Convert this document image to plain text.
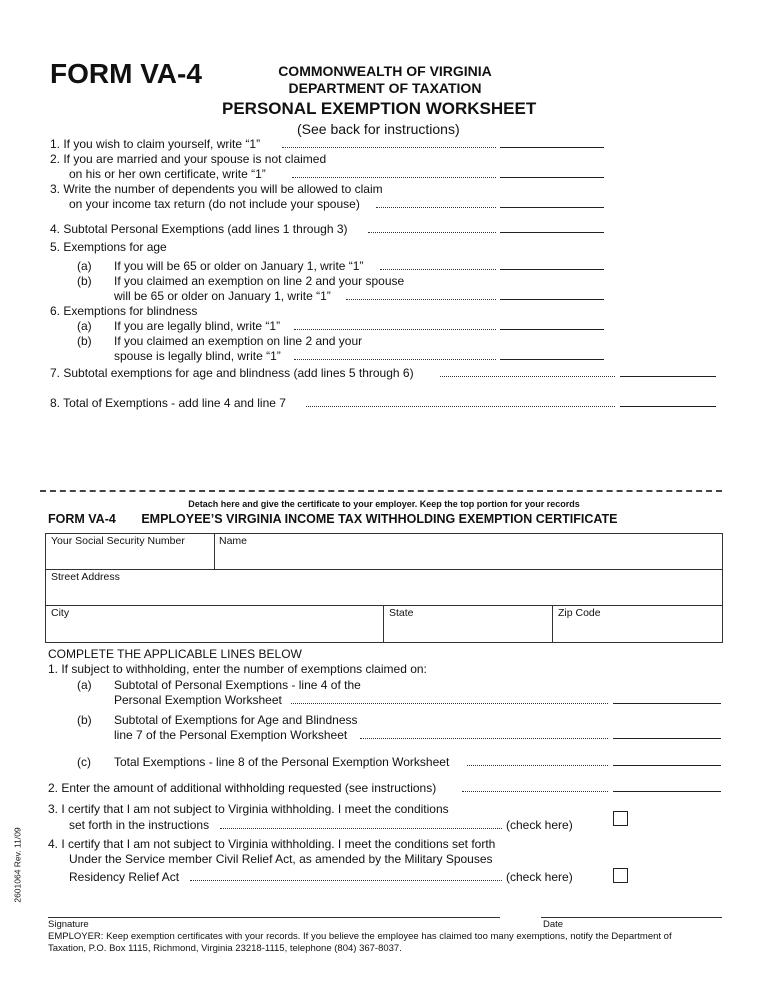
FORM VA-4	COMMONWEALTH OF VIRGINIA
DEPARTMENT OF TAXATION
PERSONAL EXEMPTION WORKSHEET
(See back for instructions)
1. If you wish to claim yourself, write “1”
2. If you are married and your spouse is not claimed
on his or her own certificate, write “1”
3. Write the number of dependents you will be allowed to claim
on your income tax return (do not include your spouse)
4. Subtotal Personal Exemptions (add lines 1 through 3)
5. Exemptions for age
(a) If you will be 65 or older on January 1, write “1”
(b) If you claimed an exemption on line 2 and your spouse
will be 65 or older on January 1, write “1”
6. Exemptions for blindness
(a) If you are legally blind, write “1”
(b) If you claimed an exemption on line 2 and your
spouse is legally blind, write “1”
7. Subtotal exemptions for age and blindness (add lines 5 through 6)
8. Total of Exemptions - add line 4 and line 7
Detach here and give the certificate to your employer. Keep the top portion for your records
FORM VA-4 EMPLOYEE’S VIRGINIA INCOME TAX WITHHOLDING EXEMPTION CERTIFICATE
Your Social Security Number	Name
Street Address
City	State	Zip Code
COMPLETE THE APPLICABLE LINES BELOW
1. If subject to withholding, enter the number of exemptions claimed on:
(a) Subtotal of Personal Exemptions - line 4 of the
Personal Exemption Worksheet
(b) Subtotal of Exemptions for Age and Blindness
line 7 of the Personal Exemption Worksheet
(c) Total Exemptions - line 8 of the Personal Exemption Worksheet
2. Enter the amount of additional withholding requested (see instructions)
3. I certify that I am not subject to Virginia withholding. I meet the conditions
set forth in the instructions	(check here)
4. I certify that I am not subject to Virginia withholding. I meet the conditions set forth
Under the Service member Civil Relief Act, as amended by the Military Spouses
Residency Relief Act	(check here)
Signature	Date
EMPLOYER: Keep exemption certificates with your records. If you believe the employee has claimed too many exemptions, notify the Department of
Taxation, P.O. Box 1115, Richmond, Virginia 23218-1115, telephone (804) 367-8037.
2601064 Rev. 11/09
